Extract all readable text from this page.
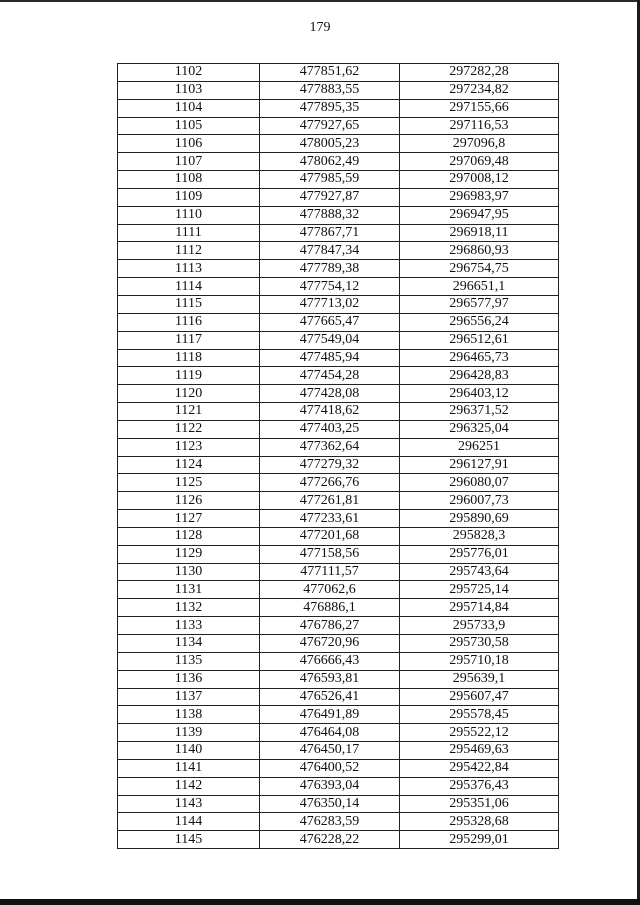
179
1102	477851,62	297282,28
1103	477883,55	297234,82
1104	477895,35	297155,66
1105	477927,65	297116,53
1106	478005,23	297096,8
1107	478062,49	297069,48
1108	477985,59	297008,12
1109	477927,87	296983,97
1110	477888,32	296947,95
1111	477867,71	296918,11
1112	477847,34	296860,93
1113	477789,38	296754,75
1114	477754,12	296651,1
1115	477713,02	296577,97
1116	477665,47	296556,24
1117	477549,04	296512,61
1118	477485,94	296465,73
1119	477454,28	296428,83
1120	477428,08	296403,12
1121	477418,62	296371,52
1122	477403,25	296325,04
1123	477362,64	296251
1124	477279,32	296127,91
1125	477266,76	296080,07
1126	477261,81	296007,73
1127	477233,61	295890,69
1128	477201,68	295828,3
1129	477158,56	295776,01
1130	477111,57	295743,64
1131	477062,6	295725,14
1132	476886,1	295714,84
1133	476786,27	295733,9
1134	476720,96	295730,58
1135	476666,43	295710,18
1136	476593,81	295639,1
1137	476526,41	295607,47
1138	476491,89	295578,45
1139	476464,08	295522,12
1140	476450,17	295469,63
1141	476400,52	295422,84
1142	476393,04	295376,43
1143	476350,14	295351,06
1144	476283,59	295328,68
1145	476228,22	295299,01
